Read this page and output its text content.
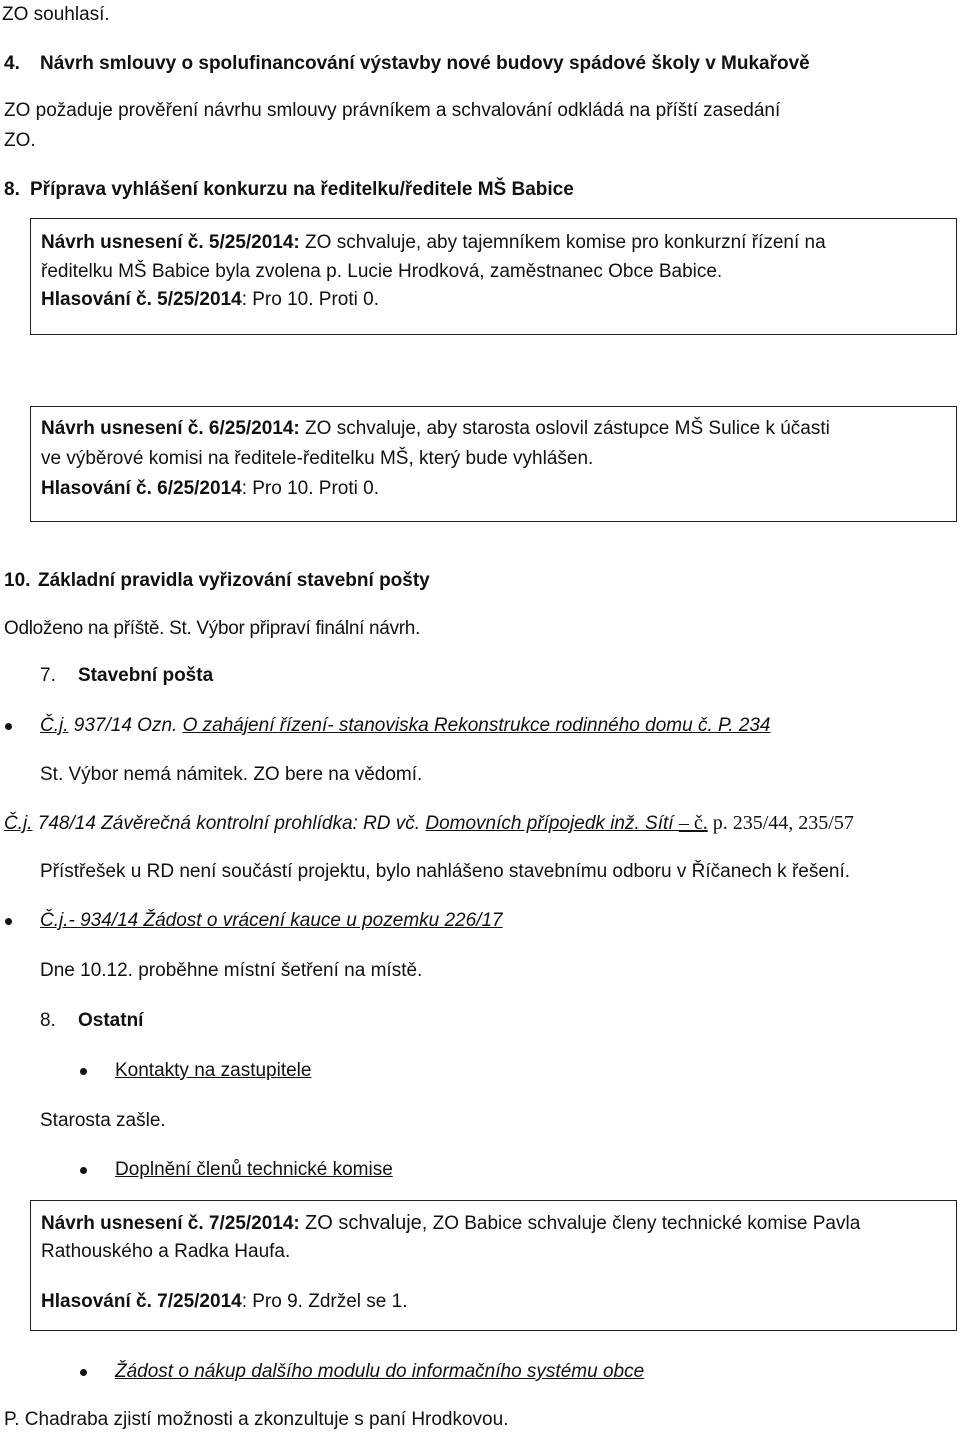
ZO souhlasí.
4. Návrh smlouvy o spolufinancování výstavby nové budovy spádové školy v Mukařově
ZO požaduje prověření návrhu smlouvy právníkem a schvalování odkládá na příští zasedání
ZO.
8. Příprava vyhlášení konkurzu na ředitelku/ředitele MŠ Babice
Návrh usnesení č. 5/25/2014: ZO schvaluje, aby tajemníkem komise pro konkurzní řízení na
ředitelku MŠ Babice byla zvolena p. Lucie Hrodková, zaměstnanec Obce Babice.
Hlasování č. 5/25/2014: Pro 10. Proti 0.
Návrh usnesení č. 6/25/2014: ZO schvaluje, aby starosta oslovil zástupce MŠ Sulice k účasti
ve výběrové komisi na ředitele-ředitelku MŠ, který bude vyhlášen.
Hlasování č. 6/25/2014: Pro 10. Proti 0.
10. Základní pravidla vyřizování stavební pošty
Odloženo na příště. St. Výbor připraví finální návrh.
7. Stavební pošta
Č.j. 937/14 Ozn. O zahájení řízení- stanoviska Rekonstrukce rodinného domu č. P. 234
St. Výbor nemá námitek. ZO bere na vědomí.
Č.j. 748/14 Závěrečná kontrolní prohlídka: RD vč. Domovních přípojedk inž. Sítí – č. p. 235/44, 235/57
Přístřešek u RD není součástí projektu, bylo nahlášeno stavebnímu odboru v Říčanech k řešení.
Č.j.- 934/14 Žádost o vrácení kauce u pozemku 226/17
Dne 10.12. proběhne místní šetření na místě.
8. Ostatní
Kontakty na zastupitele
Starosta zašle.
Doplnění členů technické komise
Návrh usnesení č. 7/25/2014: ZO schvaluje, ZO Babice schvaluje členy technické komise Pavla
Rathouského a Radka Haufa.
Hlasování č. 7/25/2014: Pro 9. Zdržel se 1.
Žádost o nákup dalšího modulu do informačního systému obce
P. Chadraba zjistí možnosti a zkonzultuje s paní Hrodkovou.
